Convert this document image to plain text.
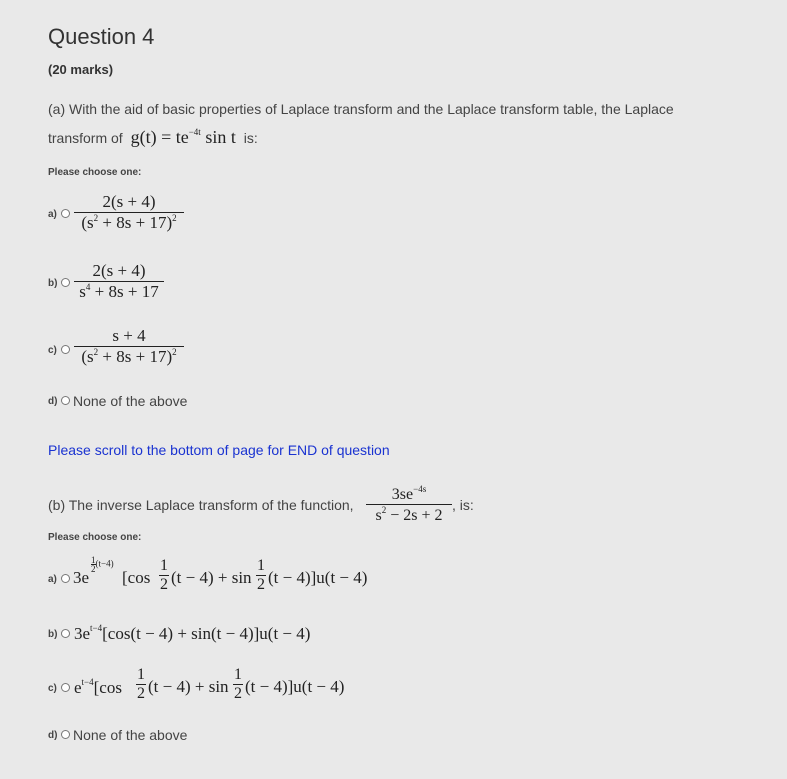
Question 4
(20 marks)
(a) With the aid of basic properties of Laplace transform and the Laplace transform table, the Laplace
transform of $g(t) = te^{-4t}$ sin t is:
Please choose one:
$a) \frac{2(s + 4)}{(s^2 + 8s + 17)^2}$
$b) \frac{2(s + 4)}{s^4 + 8s + 17}$
$c) \frac{s + 4}{(s^2 + 8s + 17)^2}$
d) None of the above
Please scroll to the bottom of page for END of question
(b) The inverse Laplace transform of the function, $\frac{3se^{-4s}}{s^2 - 2s + 2}$ , is:
Please choose one:
a) 3e
$\frac{1}{2} (t-4)$
$[\cos \frac{1}{2} (t - 4) + \sin \frac{1}{2} (t - 4)]u(t - 4)$
b) $3e^{t-4}[\cos(t - 4) + \sin(t - 4)]u(t - 4)$
c) $e^{t-4}[\cos \frac{1}{2} (t - 4) + \sin \frac{1}{2} (t - 4)]u(t - 4)$
d) None of the above
